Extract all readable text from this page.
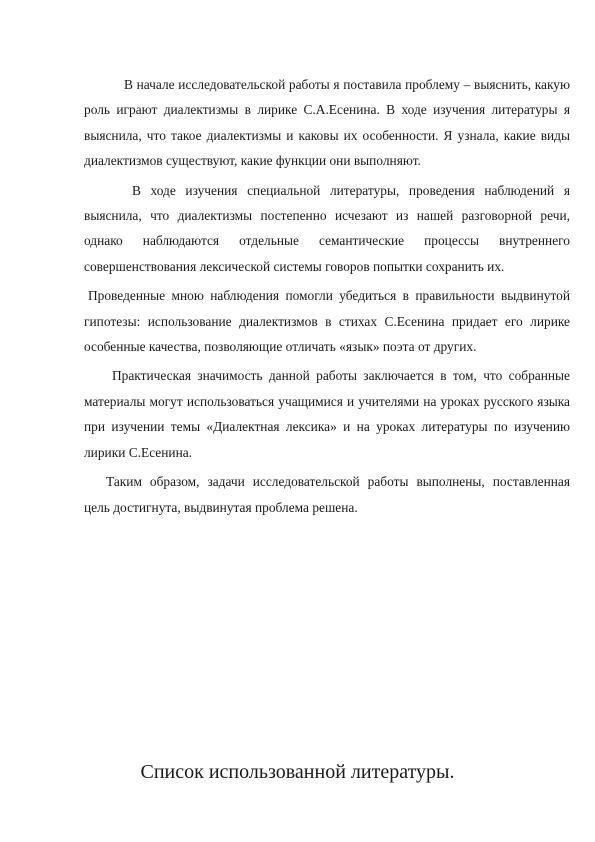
В начале исследовательской работы я поставила проблему – выяснить, какую роль играют диалектизмы в лирике С.А.Есенина. В ходе изучения литературы я выяснила, что такое диалектизмы и каковы их особенности. Я узнала, какие виды диалектизмов существуют, какие функции они выполняют.

В ходе изучения специальной литературы, проведения наблюдений я выяснила, что диалектизмы постепенно исчезают из нашей разговорной речи, однако наблюдаются отдельные семантические процессы внутреннего совершенствования лексической системы говоров попытки сохранить их.

Проведенные мною наблюдения помогли убедиться в правильности выдвинутой гипотезы: использование диалектизмов в стихах С.Есенина придает его лирике особенные качества, позволяющие отличать «язык» поэта от других.

Практическая значимость данной работы заключается в том, что собранные материалы могут использоваться учащимися и учителями на уроках русского языка при изучении темы «Диалектная лексика» и на уроках литературы по изучению лирики С.Есенина.

Таким образом, задачи исследовательской работы выполнены, поставленная цель достигнута, выдвинутая проблема решена.

Список использованной литературы.
